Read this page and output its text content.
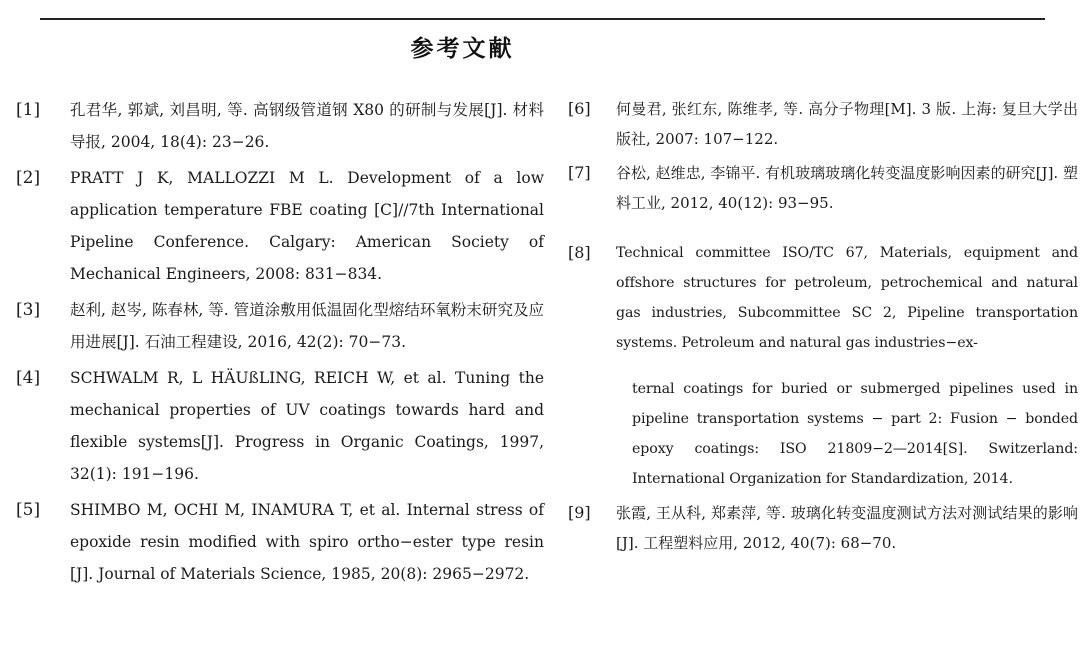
参考文献
[1]	孔君华, 郭斌, 刘昌明, 等. 高钢级管道钢 X80 的研制与发展[J]. 材料导报, 2004, 18(4): 23−26.
[2]	PRATT J K, MALLOZZI M L. Development of a low application temperature FBE coating [C]//7th International Pipeline Conference. Calgary: American Society of Mechanical Engineers, 2008: 831−834.
[3]	赵利, 赵岑, 陈春林, 等. 管道涂敷用低温固化型熔结环氧粉末研究及应用进展[J]. 石油工程建设, 2016, 42(2): 70−73.
[4]	SCHWALM R, L HÄUßLING, REICH W, et al. Tuning the mechanical properties of UV coatings towards hard and flexible systems[J]. Progress in Organic Coatings, 1997, 32(1): 191−196.
[5]	SHIMBO M, OCHI M, INAMURA T, et al. Internal stress of epoxide resin modified with spiro ortho−ester type resin [J]. Journal of Materials Science, 1985, 20(8): 2965−2972.
[6]	何曼君, 张红东, 陈维孝, 等. 高分子物理[M]. 3 版. 上海: 复旦大学出版社, 2007: 107−122.
[7]	谷松, 赵维忠, 李锦平. 有机玻璃玻璃化转变温度影响因素的研究[J]. 塑料工业, 2012, 40(12): 93−95.
[8]	Technical committee ISO/TC 67, Materials, equipment and offshore structures for petroleum, petrochemical and natural gas industries, Subcommittee SC 2, Pipeline transportation systems. Petroleum and natural gas industries−ex-
ternal coatings for buried or submerged pipelines used in pipeline transportation systems − part 2: Fusion − bonded epoxy coatings: ISO 21809−2—2014[S]. Switzerland: International Organization for Standardization, 2014.
[9]	张霞, 王从科, 郑素萍, 等. 玻璃化转变温度测试方法对测试结果的影响[J]. 工程塑料应用, 2012, 40(7): 68−70.
